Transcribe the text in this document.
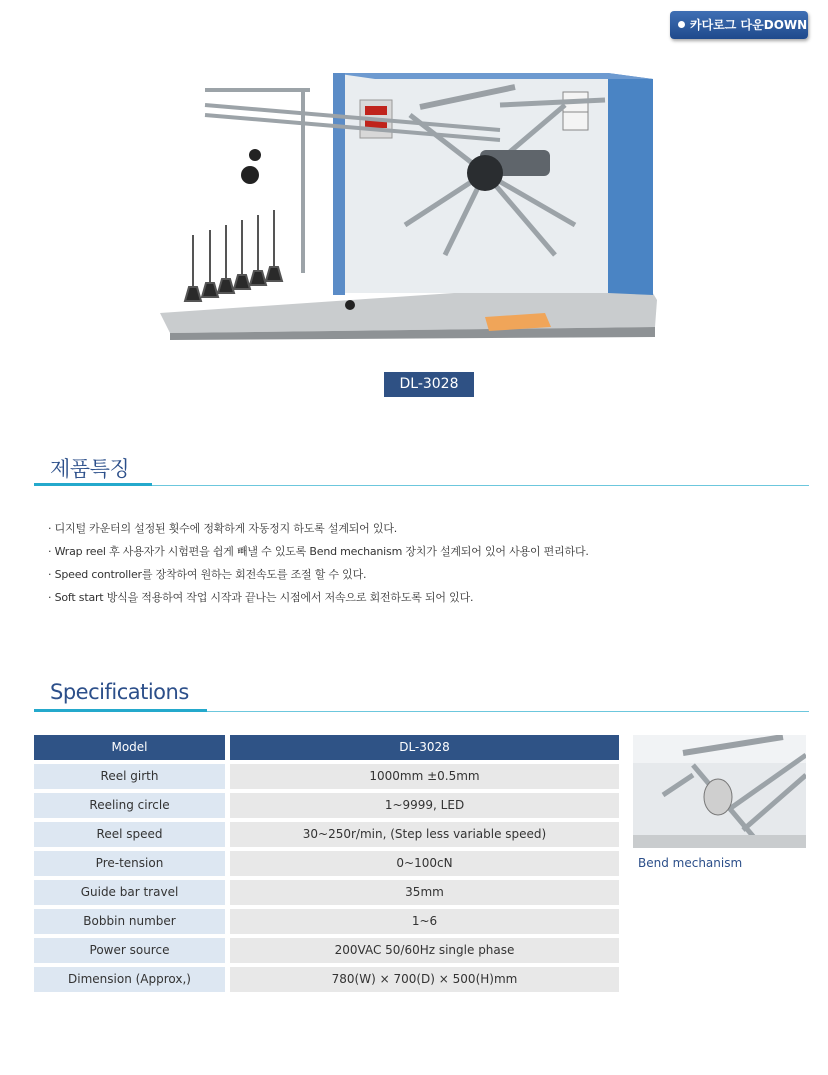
카다로그 다운DOWN
DL-3028
제품특징
· 디지털 카운터의 설정된 횟수에 정확하게 자동정지 하도록 설계되어 있다.
· Wrap reel 후 사용자가 시험편을 쉽게 빼낼 수 있도록 Bend mechanism 장치가 설계되어 있어 사용이 편리하다.
· Speed controller를 장착하여 원하는 회전속도를 조절 할 수 있다.
· Soft start 방식을 적용하여 작업 시작과 끝나는 시점에서 저속으로 회전하도록 되어 있다.
Specifications
Model	DL-3028
Reel girth	1000mm ±0.5mm
Reeling circle	1~9999, LED
Reel speed	30~250r/min, (Step less variable speed)
Pre-tension	0~100cN
Guide bar travel	35mm
Bobbin number	1~6
Power source	200VAC 50/60Hz single phase
Dimension (Approx,)	780(W) × 700(D) × 500(H)mm
Bend mechanism
